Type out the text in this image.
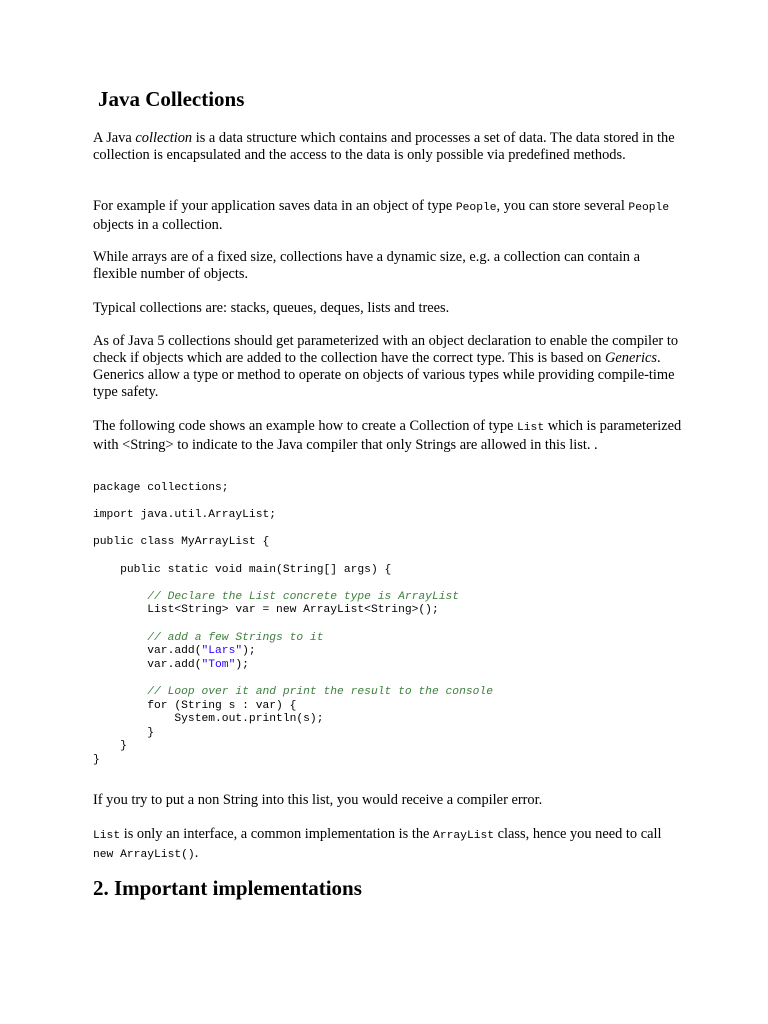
Java Collections

A Java collection is a data structure which contains and processes a set of data. The data stored in the collection is encapsulated and the access to the data is only possible via predefined methods.

For example if your application saves data in an object of type People, you can store several People objects in a collection.

While arrays are of a fixed size, collections have a dynamic size, e.g. a collection can contain a flexible number of objects.

Typical collections are: stacks, queues, deques, lists and trees.

As of Java 5 collections should get parameterized with an object declaration to enable the compiler to check if objects which are added to the collection have the correct type. This is based on Generics. Generics allow a type or method to operate on objects of various types while providing compile-time type safety.

The following code shows an example how to create a Collection of type List which is parameterized with <String> to indicate to the Java compiler that only Strings are allowed in this list. .

package collections;

import java.util.ArrayList;

public class MyArrayList {

public static void main(String[] args) {

// Declare the List concrete type is ArrayList
List<String> var = new ArrayList<String>();

// add a few Strings to it
var.add("Lars");
var.add("Tom");

// Loop over it and print the result to the console
for (String s : var) {
System.out.println(s);
}
}
}

If you try to put a non String into this list, you would receive a compiler error.

List is only an interface, a common implementation is the ArrayList class, hence you need to call new ArrayList().

2. Important implementations
